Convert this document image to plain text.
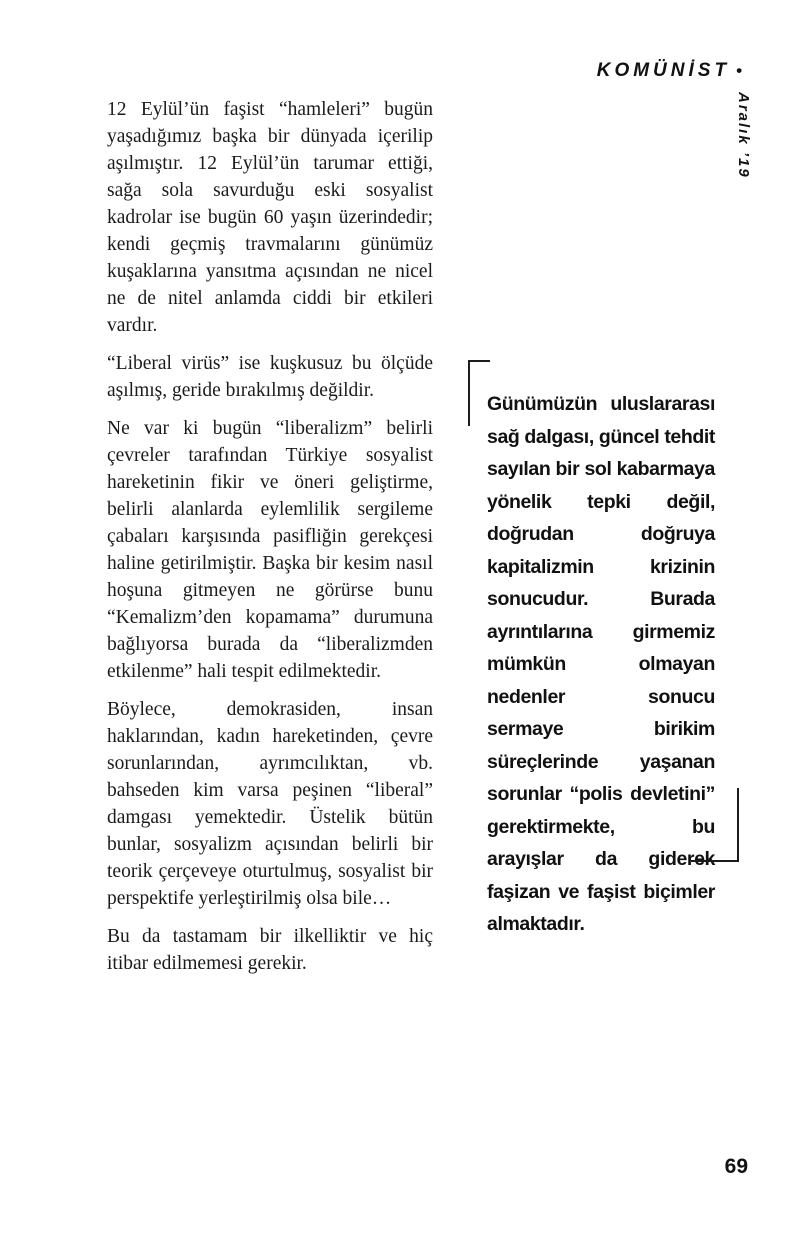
KOMÜNİST •
Aralık ’19

12 Eylül’ün faşist “hamleleri” bugün yaşadığımız başka bir dünyada içerilip aşılmıştır. 12 Eylül’ün tarumar ettiği, sağa sola savurduğu eski sosyalist kadrolar ise bugün 60 yaşın üzerindedir; kendi geçmiş travmalarını günümüz kuşaklarına yansıtma açısından ne nicel ne de nitel anlamda ciddi bir etkileri vardır.

“Liberal virüs” ise kuşkusuz bu ölçüde aşılmış, geride bırakılmış değildir.

Ne var ki bugün “liberalizm” belirli çevreler tarafından Türkiye sosyalist hareketinin fikir ve öneri geliştirme, belirli alanlarda eylemlilik sergileme çabaları karşısında pasifliğin gerekçesi haline getirilmiştir. Başka bir kesim nasıl hoşuna gitmeyen ne görürse bunu “Kemalizm’den kopamama” durumuna bağlıyorsa burada da “liberalizmden etkilenme” hali tespit edilmektedir.

Böylece, demokrasiden, insan haklarından, kadın hareketinden, çevre sorunlarından, ayrımcılıktan, vb. bahseden kim varsa peşinen “liberal” damgası yemektedir. Üstelik bütün bunlar, sosyalizm açısından belirli bir teorik çerçeveye oturtulmuş, sosyalist bir perspektife yerleştirilmiş olsa bile…

Bu da tastamam bir ilkelliktir ve hiç itibar edilmemesi gerekir.

Günümüzün uluslararası sağ dalgası, güncel tehdit sayılan bir sol kabarmaya yönelik tepki değil, doğrudan doğruya kapitalizmin krizinin sonucudur. Burada ayrıntılarına girmemiz mümkün olmayan nedenler sonucu sermaye birikim süreçlerinde yaşanan sorunlar “polis devletini” gerektirmekte, bu arayışlar da giderek faşizan ve faşist biçimler almaktadır.

69
